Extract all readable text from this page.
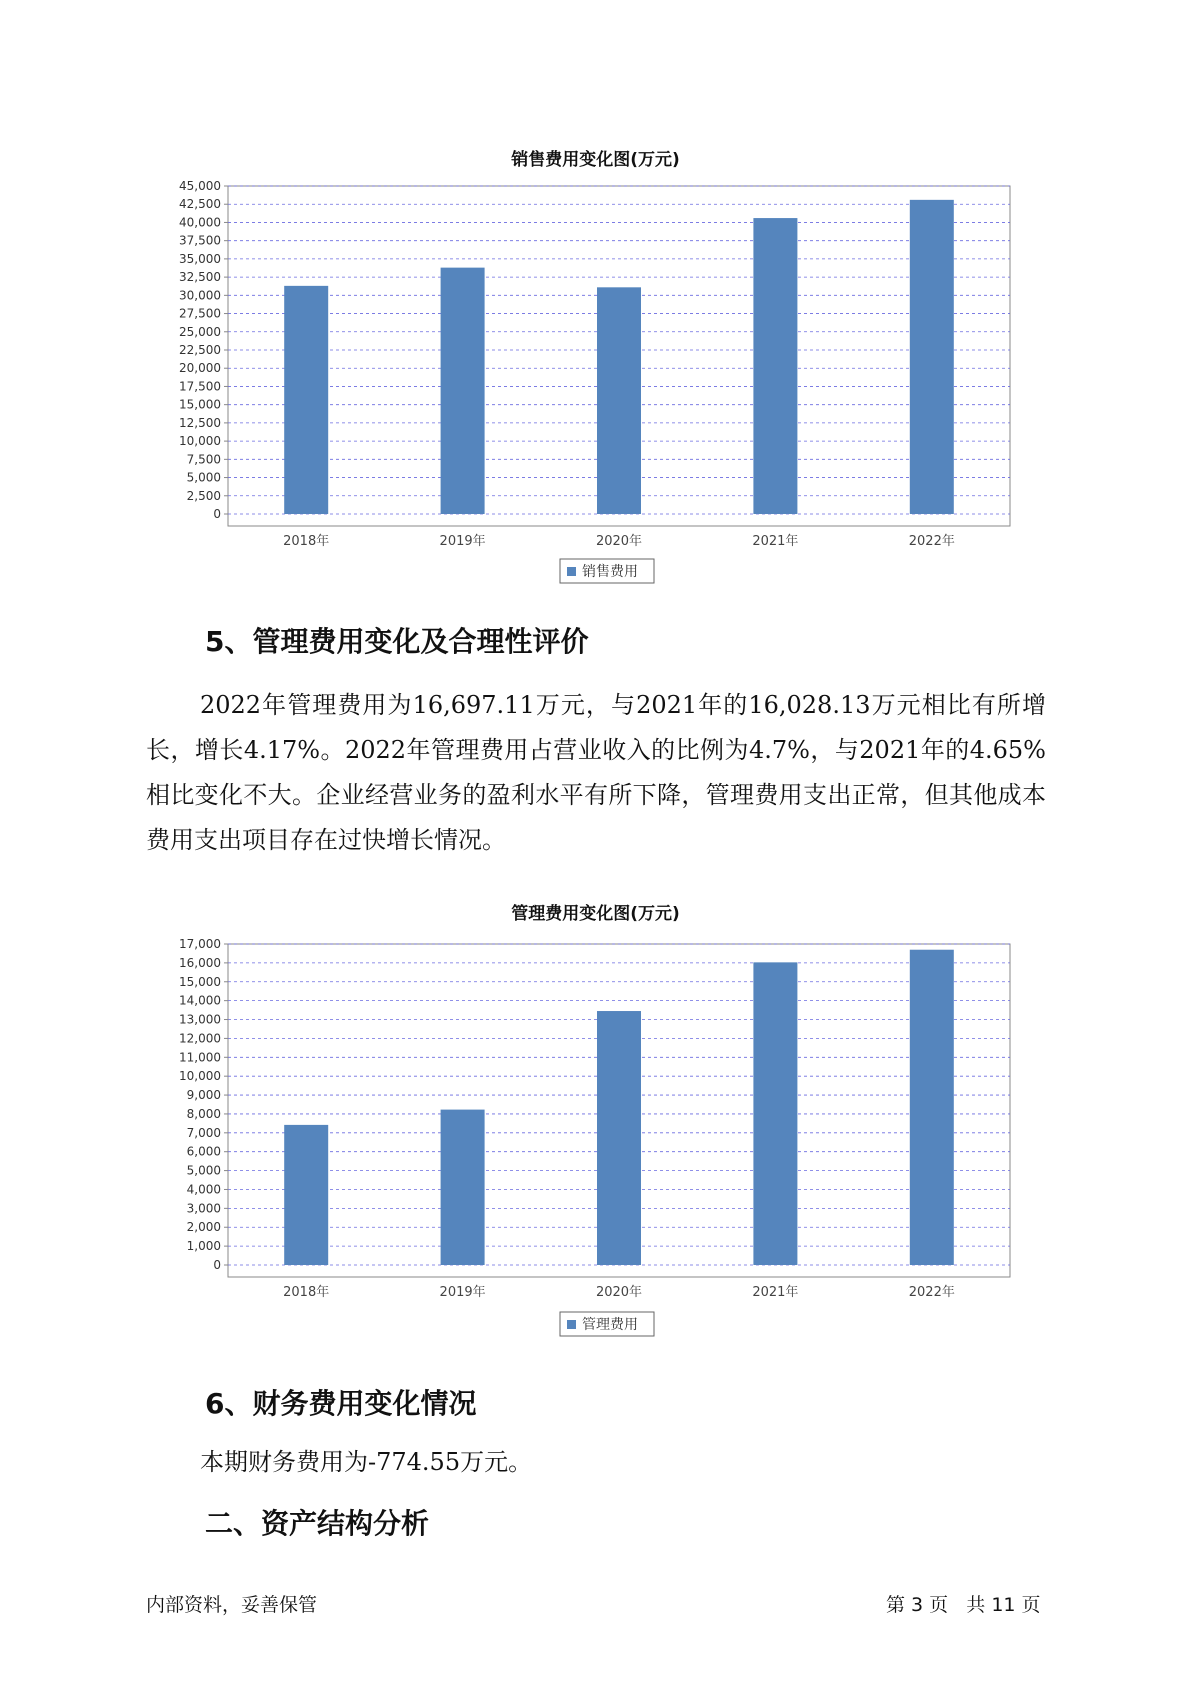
销售费用变化图(万元)
0
2,500
5,000
7,500
10,000
12,500
15,000
17,500
20,000
22,500
25,000
27,500
30,000
32,500
35,000
37,500
40,000
42,500
45,000
2018年	2019年	2020年	2021年	2022年
销售费用
5、管理费用变化及合理性评价

2022年管理费用为16,697.11万元，与2021年的16,028.13万元相比有所增长，增长4.17%。2022年管理费用占营业收入的比例为4.7%，与2021年的4.65%相比变化不大。企业经营业务的盈利水平有所下降，管理费用支出正常，但其他成本费用支出项目存在过快增长情况。

管理费用变化图(万元)
0
1,000
2,000
3,000
4,000
5,000
6,000
7,000
8,000
9,000
10,000
11,000
12,000
13,000
14,000
15,000
16,000
17,000
2018年	2019年	2020年	2021年	2022年
管理费用
6、财务费用变化情况

本期财务费用为-774.55万元。

二、资产结构分析
内部资料，妥善保管	第 3 页   共 11 页
